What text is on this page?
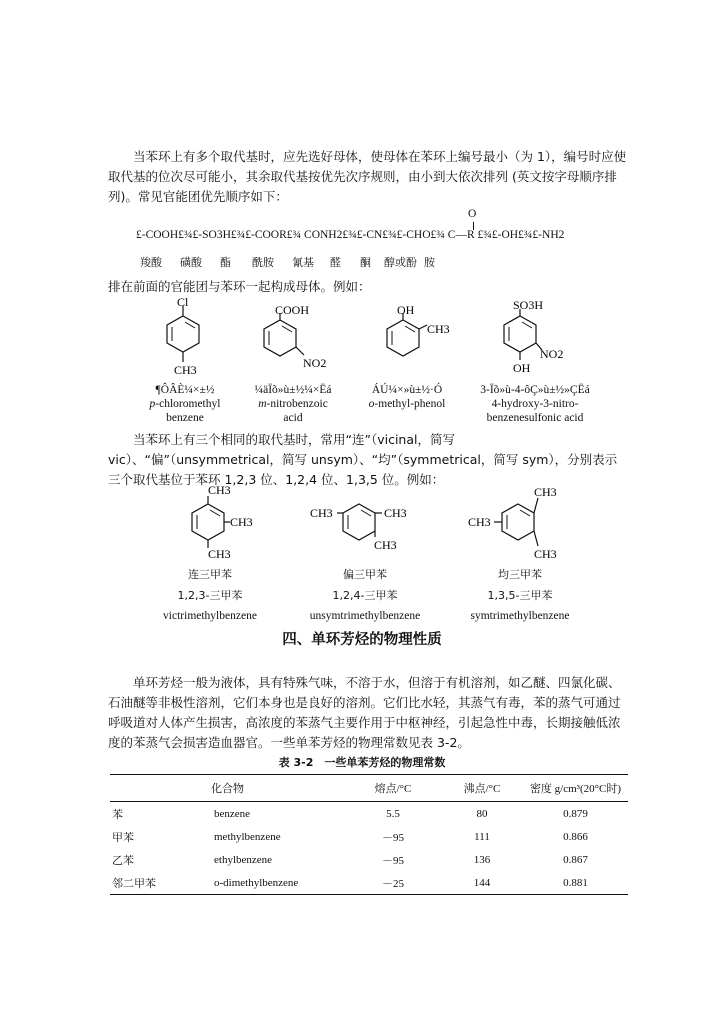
当苯环上有多个取代基时，应先选好母体，使母体在苯环上编号最小（为 1），编号时应使取代基的位次尽可能小，其余取代基按优先次序规则，由小到大依次排列 (英文按字母顺序排列)。常见官能团优先顺序如下：

O
£-COOH£¾£-SO3H£¾£-COOR£¾ CONH2£¾£-CN£¾£-CHO£¾ C—R £¾£-OH£¾£-NH2
羧酸 磺酸 酯 酰胺 氰基 醛 酮 醇或酚 胺

排在前面的官能团与苯环一起构成母体。例如：

Cl
CH3
COOH
NO2
OH
CH3
SO3H
NO2
OH
¶ÔÂÈ¼×±½
p-chloromethyl
benzene
¼äÏõ»ù±½¼×Ëá
m-nitrobenzoic
acid
ÁÚ¼×»ù±½·Ó
o-methyl-phenol
3-Ïõ»ù-4-ôÇ»ù±½»ÇËá
4-hydroxy-3-nitro-
benzenesulfonic acid

当苯环上有三个相同的取代基时，常用“连”（vicinal，简写 vic）、“偏”（unsymmetrical，简写 unsym）、“均”（symmetrical，简写 sym），分别表示三个取代基位于苯环 1,2,3 位、1,2,4 位、1,3,5 位。例如：

CH3
CH3
CH3
CH3	CH3
CH3
CH3
CH3
CH3
连三甲苯
1,2,3-三甲苯
victrimethylbenzene
偏三甲苯
1,2,4-三甲苯
unsymtrimethylbenzene
均三甲苯
1,3,5-三甲苯
symtrimethylbenzene
四、单环芳烃的物理性质

单环芳烃一般为液体，具有特殊气味，不溶于水，但溶于有机溶剂，如乙醚、四氯化碳、石油醚等非极性溶剂，它们本身也是良好的溶剂。它们比水轻，其蒸气有毒，苯的蒸气可通过呼吸道对人体产生损害，高浓度的苯蒸气主要作用于中枢神经，引起急性中毒，长期接触低浓度的苯蒸气会损害造血器官。一些单苯芳烃的物理常数见表 3-2。

表 3-2　一些单苯芳烃的物理常数

化合物		熔点/°C	沸点/°C	密度 g/cm³(20°C时)
苯	benzene	5.5	80	0.879
甲苯	methylbenzene	－95	111	0.866
乙苯	ethylbenzene	－95	136	0.867
邻二甲苯	o-dimethylbenzene	－25	144	0.881
